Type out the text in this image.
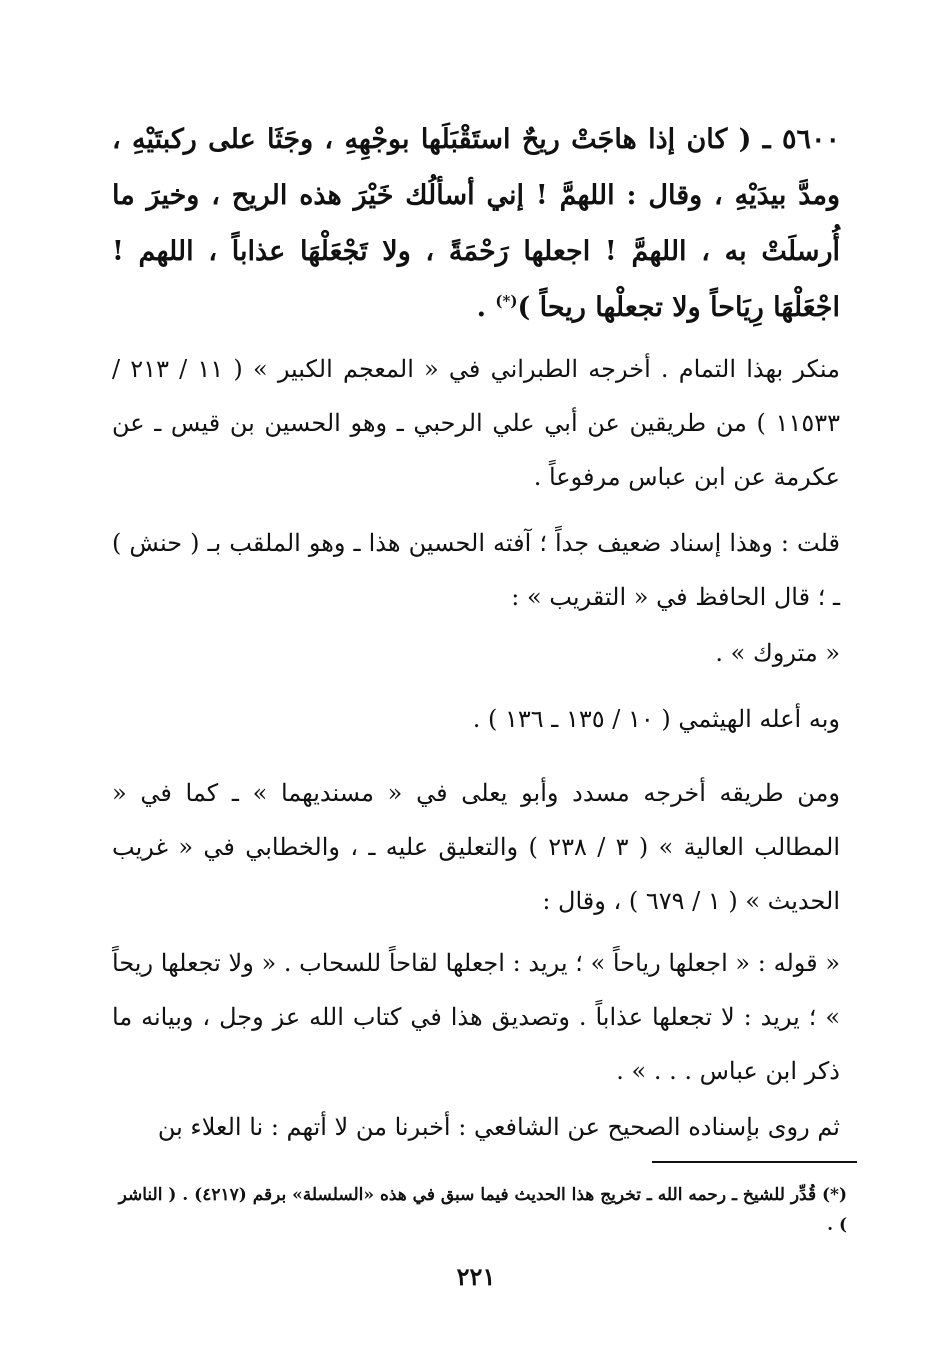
٥٦٠٠ ـ ( كان إذا هاجَتْ ريحٌ استَقْبَلَها بوجْهِهِ ، وجَثَا على ركبتَيْهِ ، ومدَّ بيدَيْهِ ، وقال : اللهمَّ ! إني أسألُك خَيْرَ هذه الريح ، وخيرَ ما أُرسلَتْ به ، اللهمَّ ! اجعلها رَحْمَةً ، ولا تَجْعَلْهَا عذاباً ، اللهم ! اجْعَلْهَا رِيَاحاً ولا تجعلْها ريحاً )(*) .
منكر بهذا التمام . أخرجه الطبراني في « المعجم الكبير » ( ١١ / ٢١٣ / ١١٥٣٣ ) من طريقين عن أبي علي الرحبي ـ وهو الحسين بن قيس ـ عن عكرمة عن ابن عباس مرفوعاً .
قلت : وهذا إسناد ضعيف جداً ؛ آفته الحسين هذا ـ وهو الملقب بـ ( حنش ) ـ ؛ قال الحافظ في « التقريب » :
« متروك » .
وبه أعله الهيثمي ( ١٠ / ١٣٥ ـ ١٣٦ ) .
ومن طريقه أخرجه مسدد وأبو يعلى في « مسنديهما » ـ كما في « المطالب العالية » ( ٣ / ٢٣٨ ) والتعليق عليه ـ ، والخطابي في « غريب الحديث » ( ١ / ٦٧٩ ) ، وقال :
« قوله : « اجعلها رياحاً » ؛ يريد : اجعلها لقاحاً للسحاب . « ولا تجعلها ريحاً » ؛ يريد : لا تجعلها عذاباً . وتصديق هذا في كتاب الله عز وجل ، وبيانه ما ذكر ابن عباس . . . » .
ثم روى بإسناده الصحيح عن الشافعي : أخبرنا من لا أتهم : نا العلاء بن
(*) قُدِّر للشيخ ـ رحمه الله ـ تخريج هذا الحديث فيما سبق في هذه «السلسلة» برقم (٤٢١٧) . ( الناشر ) .
٢٢١
